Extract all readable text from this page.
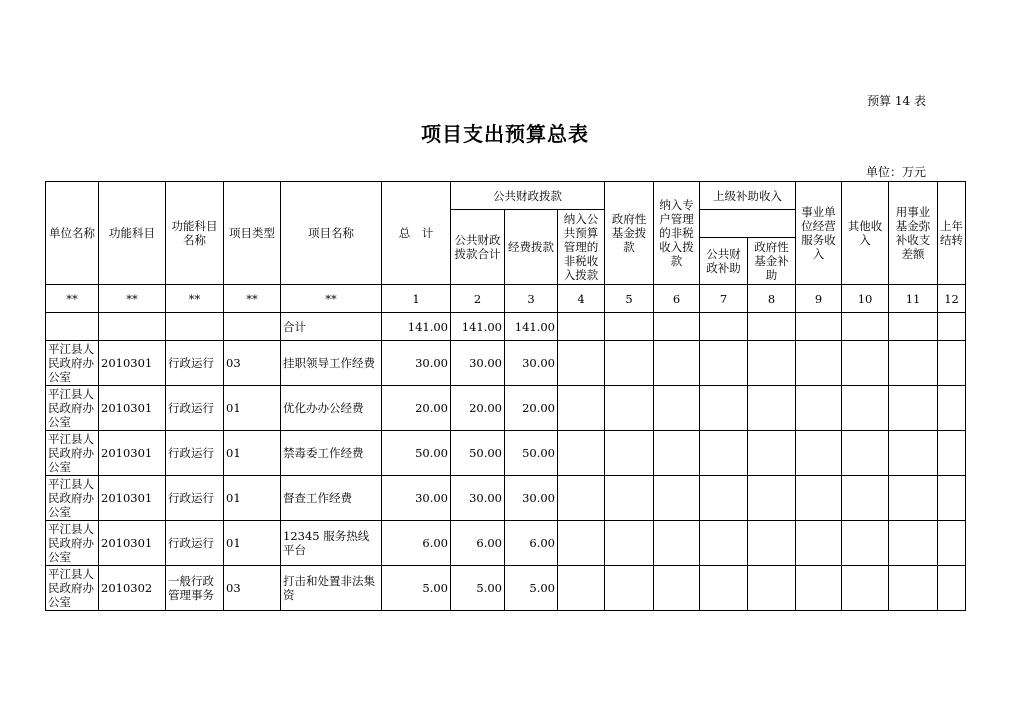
预算 14 表
项目支出预算总表
单位：万元
单位名称	功能科目	功能科目名称	项目类型	项目名称	总　计	公共财政拨款			政府性基金拨款	纳入专户管理的非税收入拨款	上级补助收入		事业单位经营服务收入	其他收入	用事业基金弥补收支差额	上年结转
						公共财政拨款合计	经费拨款	纳入公共预算管理的非税收入拨款								
											公共财政补助	政府性基金补助				
**	**	**	**	**	1	2	3	4	5	6	7	8	9	10	11	12
				合计	141.00	141.00	141.00									
平江县人民政府办公室	2010301	行政运行	03	挂职领导工作经费	30.00	30.00	30.00									
平江县人民政府办公室	2010301	行政运行	01	优化办办公经费	20.00	20.00	20.00									
平江县人民政府办公室	2010301	行政运行	01	禁毒委工作经费	50.00	50.00	50.00									
平江县人民政府办公室	2010301	行政运行	01	督查工作经费	30.00	30.00	30.00									
平江县人民政府办公室	2010301	行政运行	01	12345 服务热线平台	6.00	6.00	6.00									
平江县人民政府办公室	2010302	一般行政管理事务	03	打击和处置非法集资	5.00	5.00	5.00									
